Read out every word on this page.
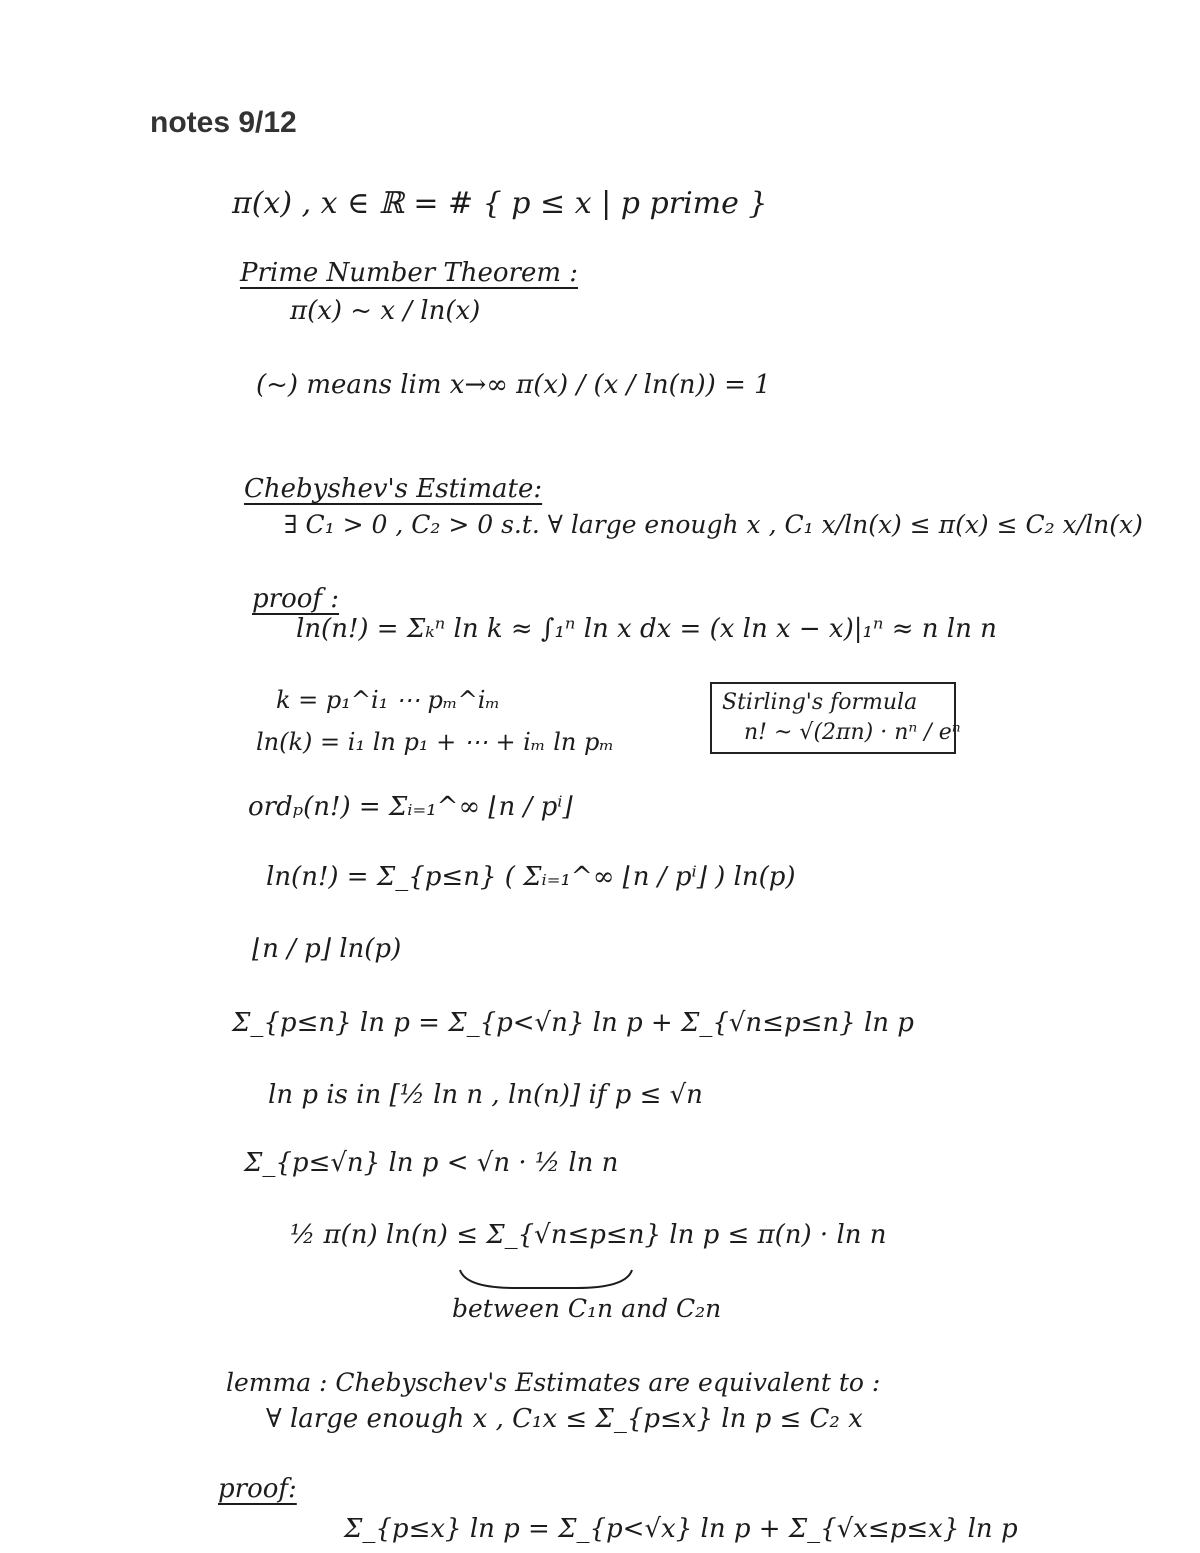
notes 9/12
π(x) , x ∈ ℝ = # { p ≤ x | p prime }
Prime Number Theorem :
π(x) ~ x / ln(x)
(~) means lim x→∞ π(x) / (x / ln(n)) = 1
Chebyshev's Estimate:
∃ C₁ > 0 , C₂ > 0 s.t. ∀ large enough x , C₁ x/ln(x) ≤ π(x) ≤ C₂ x/ln(x)
proof :
ln(n!) = Σₖⁿ ln k ≈ ∫₁ⁿ ln x dx = (x ln x − x)|₁ⁿ ≈ n ln n
k = p₁^i₁ ⋯ pₘ^iₘ
ln(k) = i₁ ln p₁ + ⋯ + iₘ ln pₘ
Stirling's formula
n! ~ √(2πn) · nⁿ / eⁿ
ordₚ(n!) = Σᵢ₌₁^∞ ⌊n / pⁱ⌋
ln(n!) = Σ_{p≤n} ( Σᵢ₌₁^∞ ⌊n / pⁱ⌋ ) ln(p)
⌊n / p⌋ ln(p)
Σ_{p≤n} ln p = Σ_{p<√n} ln p + Σ_{√n≤p≤n} ln p
ln p is in [½ ln n , ln(n)] if p ≤ √n
Σ_{p≤√n} ln p < √n · ½ ln n
½ π(n) ln(n) ≤ Σ_{√n≤p≤n} ln p ≤ π(n) · ln n
between C₁n and C₂n
lemma : Chebyschev's Estimates are equivalent to :
∀ large enough x , C₁x ≤ Σ_{p≤x} ln p ≤ C₂ x
proof:
Σ_{p≤x} ln p = Σ_{p<√x} ln p + Σ_{√x≤p≤x} ln p
